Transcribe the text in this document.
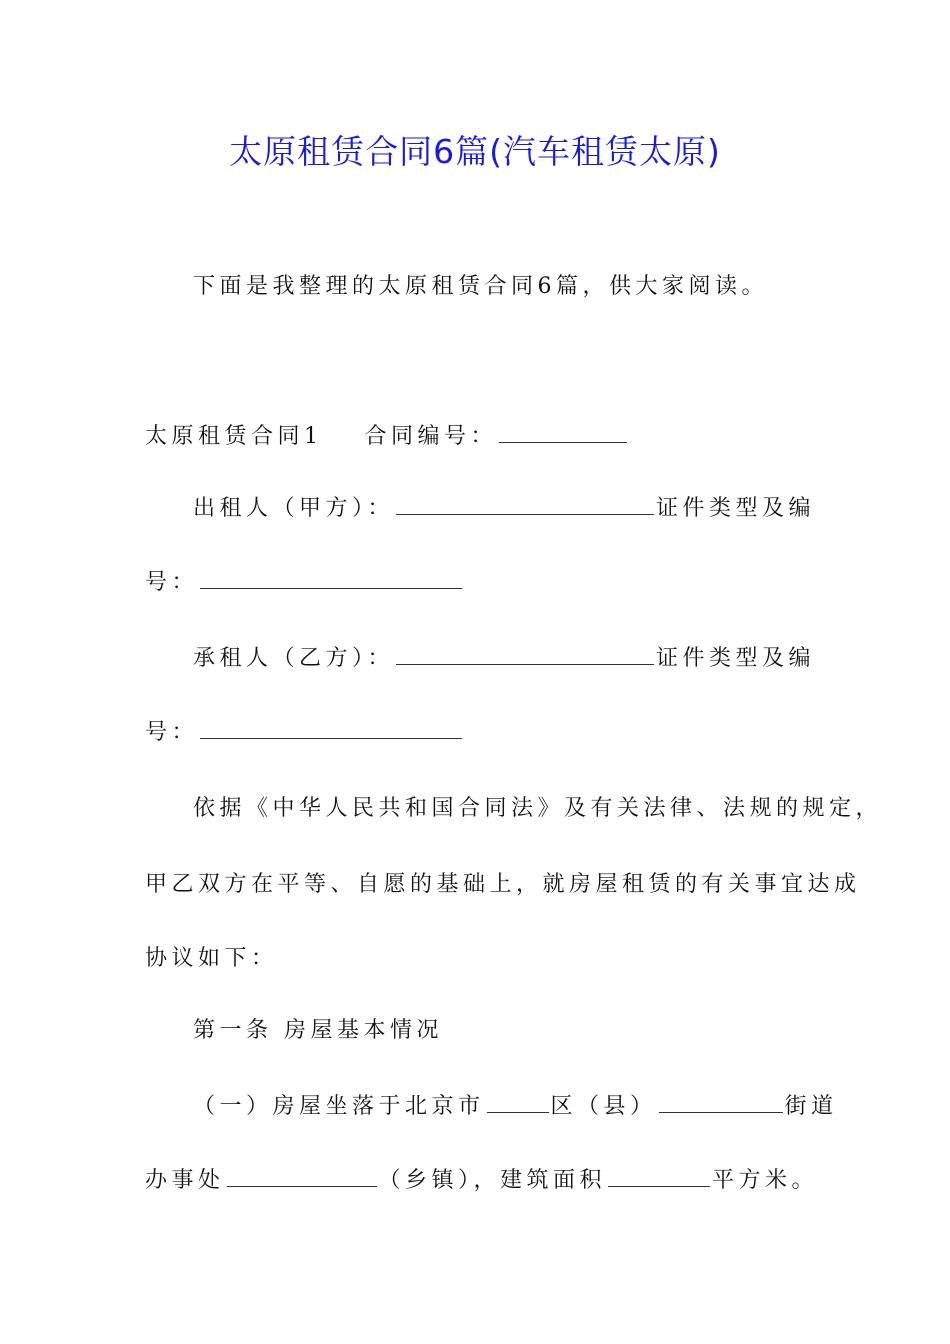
太原租赁合同6篇(汽车租赁太原)
下面是我整理的太原租赁合同6篇，供大家阅读。
太原租赁合同1 合同编号：
出租人（甲方）：	证件类型及编
号：
承租人（乙方）：	证件类型及编
号：
依据《中华人民共和国合同法》及有关法律、法规的规定，
甲乙双方在平等、自愿的基础上，就房屋租赁的有关事宜达成
协议如下：
第一条 房屋基本情况
（一）房屋坐落于北京市	区（县）	街道
办事处	（乡镇），建筑面积	平方米。
